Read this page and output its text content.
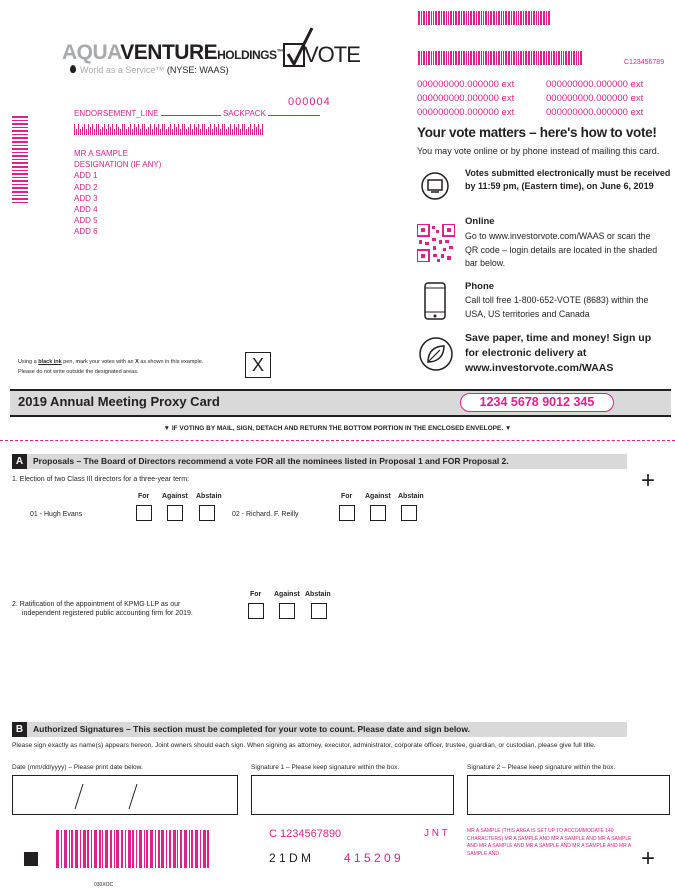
AQUAVENTUREHOLDINGS™
World as a Service™ (NYSE: WAAS)
VOTE	C123456789
000000000.000000 ext	000000000.000000 ext
000000000.000000 ext	000000000.000000 ext
000000000.000000 ext	000000000.000000 ext
000004
ENDORSEMENT_LINE	SACKPACK
MR A SAMPLE
DESIGNATION (IF ANY)
ADD 1
ADD 2
ADD 3
ADD 4
ADD 5
ADD 6
Your vote matters – here's how to vote!
You may vote online or by phone instead of mailing this card.
Votes submitted electronically must be received by 11:59 pm, (Eastern time), on June 6, 2019
Online
Go to www.investorvote.com/WAAS or scan the QR code – login details are located in the shaded bar below.
Phone
Call toll free 1-800-652-VOTE (8683) within the USA, US territories and Canada
Save paper, time and money! Sign up for electronic delivery at www.investorvote.com/WAAS
Using a black ink pen, mark your votes with an X as shown in this example.
Please do not write outside the designated areas.	X
2019 Annual Meeting Proxy Card	1234 5678 9012 345
▼ IF VOTING BY MAIL, SIGN, DETACH AND RETURN THE BOTTOM PORTION IN THE ENCLOSED ENVELOPE. ▼
A	Proposals – The Board of Directors recommend a vote FOR all the nominees listed in Proposal 1 and FOR Proposal 2.
+
1. Election of two Class III directors for a three-year term:
For Against Abstain	For Against Abstain
01 - Hugh Evans	02 - Richard. F. Reilly
For Against Abstain
2. Ratification of the appointment of KPMG LLP as our
independent registered public accounting firm for 2019.
B	Authorized Signatures – This section must be completed for your vote to count. Please date and sign below.
Please sign exactly as name(s) appears hereon. Joint owners should each sign. When signing as attorney, executor, administrator, corporate officer, trustee, guardian, or custodian, please give full title.
Date (mm/dd/yyyy) – Please print date below.	Signature 1 – Please keep signature within the box.	Signature 2 – Please keep signature within the box.
C 1234567890	J N T
2 1 D M	4 1 5 2 0 9
MR A SAMPLE (THIS AREA IS SET UP TO ACCOMMODATE 140 CHARACTERS) MR A SAMPLE AND MR A SAMPLE AND MR A SAMPLE AND MR A SAMPLE AND MR A SAMPLE AND MR A SAMPLE AND MR A SAMPLE AND	+
030XOC
